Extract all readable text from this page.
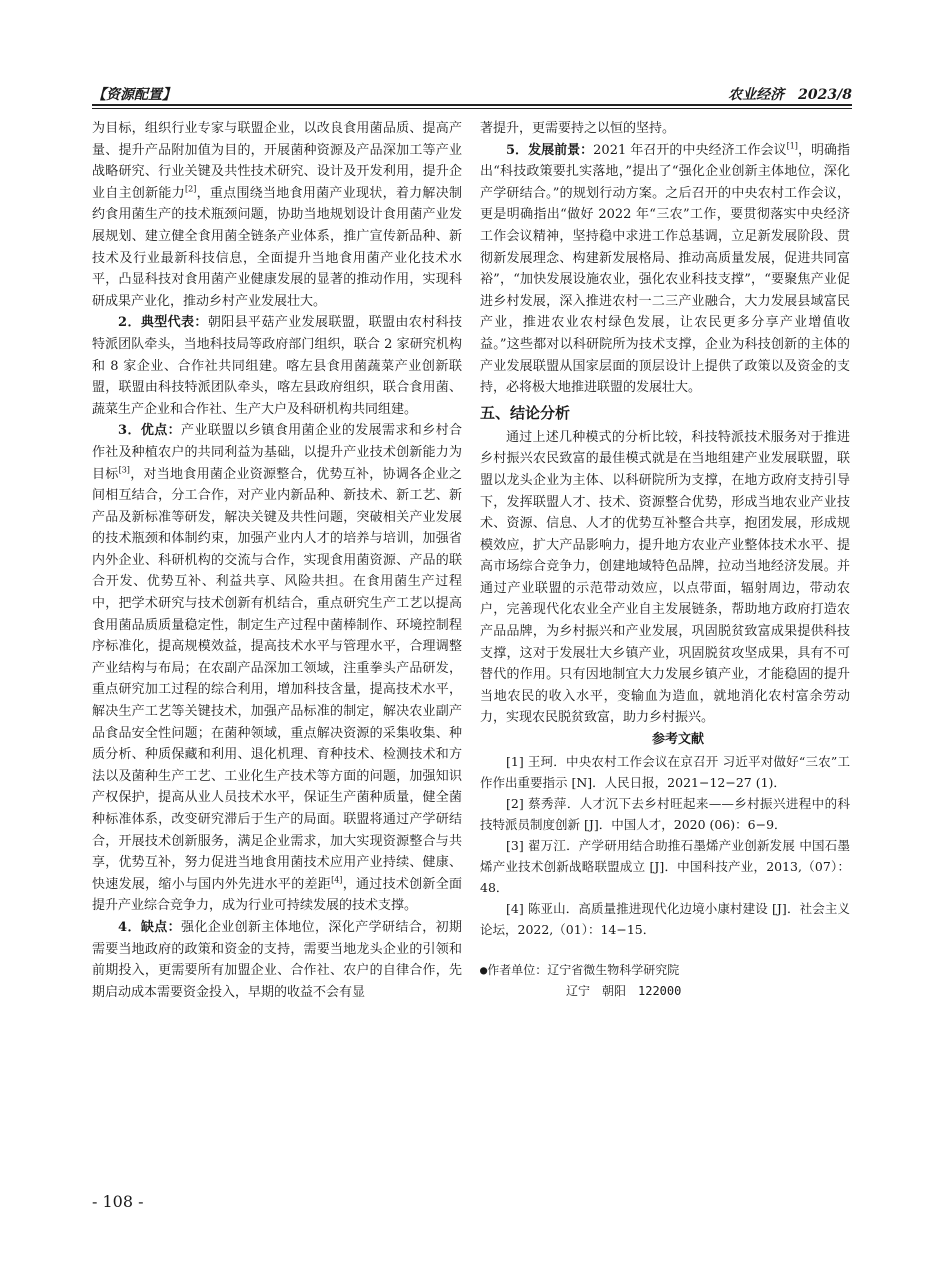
【资源配置】	农业经济　2023/8

为目标，组织行业专家与联盟企业，以改良食用菌品质、提高产量、提升产品附加值为目的，开展菌种资源及产品深加工等产业战略研究、行业关键及共性技术研究、设计及开发利用，提升企业自主创新能力[2]，重点围绕当地食用菌产业现状，着力解决制约食用菌生产的技术瓶颈问题，协助当地规划设计食用菌产业发展规划、建立健全食用菌全链条产业体系，推广宣传新品种、新技术及行业最新科技信息，全面提升当地食用菌产业化技术水平，凸显科技对食用菌产业健康发展的显著的推动作用，实现科研成果产业化，推动乡村产业发展壮大。

2．典型代表：朝阳县平菇产业发展联盟，联盟由农村科技特派团队牵头，当地科技局等政府部门组织，联合 2 家研究机构和 8 家企业、合作社共同组建。喀左县食用菌蔬菜产业创新联盟，联盟由科技特派团队牵头，喀左县政府组织，联合食用菌、蔬菜生产企业和合作社、生产大户及科研机构共同组建。

3．优点：产业联盟以乡镇食用菌企业的发展需求和乡村合作社及种植农户的共同利益为基础，以提升产业技术创新能力为目标[3]，对当地食用菌企业资源整合，优势互补，协调各企业之间相互结合，分工合作，对产业内新品种、新技术、新工艺、新产品及新标准等研发，解决关键及共性问题，突破相关产业发展的技术瓶颈和体制约束，加强产业内人才的培养与培训，加强省内外企业、科研机构的交流与合作，实现食用菌资源、产品的联合开发、优势互补、利益共享、风险共担。在食用菌生产过程中，把学术研究与技术创新有机结合，重点研究生产工艺以提高食用菌品质质量稳定性，制定生产过程中菌棒制作、环境控制程序标准化，提高规模效益，提高技术水平与管理水平，合理调整产业结构与布局；在农副产品深加工领域，注重拳头产品研发，重点研究加工过程的综合利用，增加科技含量，提高技术水平，解决生产工艺等关键技术，加强产品标准的制定，解决农业副产品食品安全性问题；在菌种领域，重点解决资源的采集收集、种质分析、种质保藏和利用、退化机理、育种技术、检测技术和方法以及菌种生产工艺、工业化生产技术等方面的问题，加强知识产权保护，提高从业人员技术水平，保证生产菌种质量，健全菌种标准体系，改变研究滞后于生产的局面。联盟将通过产学研结合，开展技术创新服务，满足企业需求，加大实现资源整合与共享，优势互补，努力促进当地食用菌技术应用产业持续、健康、快速发展，缩小与国内外先进水平的差距[4]，通过技术创新全面提升产业综合竞争力，成为行业可持续发展的技术支撑。

4．缺点：强化企业创新主体地位，深化产学研结合，初期需要当地政府的政策和资金的支持，需要当地龙头企业的引领和前期投入，更需要所有加盟企业、合作社、农户的自律合作，先期启动成本需要资金投入，早期的收益不会有显

著提升，更需要持之以恒的坚持。

5．发展前景：2021 年召开的中央经济工作会议[1]，明确指出“科技政策要扎实落地，”提出了“强化企业创新主体地位，深化产学研结合。”的规划行动方案。之后召开的中央农村工作会议，更是明确指出“做好 2022 年“三农”工作，要贯彻落实中央经济工作会议精神，坚持稳中求进工作总基调，立足新发展阶段、贯彻新发展理念、构建新发展格局、推动高质量发展，促进共同富裕”，“加快发展设施农业，强化农业科技支撑”，“要聚焦产业促进乡村发展，深入推进农村一二三产业融合，大力发展县域富民产业，推进农业农村绿色发展，让农民更多分享产业增值收益。”这些都对以科研院所为技术支撑，企业为科技创新的主体的产业发展联盟从国家层面的顶层设计上提供了政策以及资金的支持，必将极大地推进联盟的发展壮大。

五、结论分析

通过上述几种模式的分析比较，科技特派技术服务对于推进乡村振兴农民致富的最佳模式就是在当地组建产业发展联盟，联盟以龙头企业为主体、以科研院所为支撑，在地方政府支持引导下，发挥联盟人才、技术、资源整合优势，形成当地农业产业技术、资源、信息、人才的优势互补整合共享，抱团发展，形成规模效应，扩大产品影响力，提升地方农业产业整体技术水平、提高市场综合竞争力，创建地域特色品牌，拉动当地经济发展。并通过产业联盟的示范带动效应，以点带面，辐射周边，带动农户，完善现代化农业全产业自主发展链条，帮助地方政府打造农产品品牌，为乡村振兴和产业发展，巩固脱贫致富成果提供科技支撑，这对于发展壮大乡镇产业，巩固脱贫攻坚成果，具有不可替代的作用。只有因地制宜大力发展乡镇产业，才能稳固的提升当地农民的收入水平，变输血为造血，就地消化农村富余劳动力，实现农民脱贫致富，助力乡村振兴。

参考文献

[1] 王珂．中央农村工作会议在京召开 习近平对做好“三农”工作作出重要指示 [N]．人民日报，2021−12−27 (1)．

[2] 蔡秀萍．人才沉下去乡村旺起来——乡村振兴进程中的科技特派员制度创新 [J]．中国人才，2020 (06)：6−9．

[3] 翟万江．产学研用结合助推石墨烯产业创新发展 中国石墨烯产业技术创新战略联盟成立 [J]．中国科技产业，2013,（07）：48．

[4] 陈亚山．高质量推进现代化边境小康村建设 [J]．社会主义论坛，2022,（01）：14−15．

●作者单位：辽宁省微生物科学研究院
辽宁　朝阳　122000
- 108 -
